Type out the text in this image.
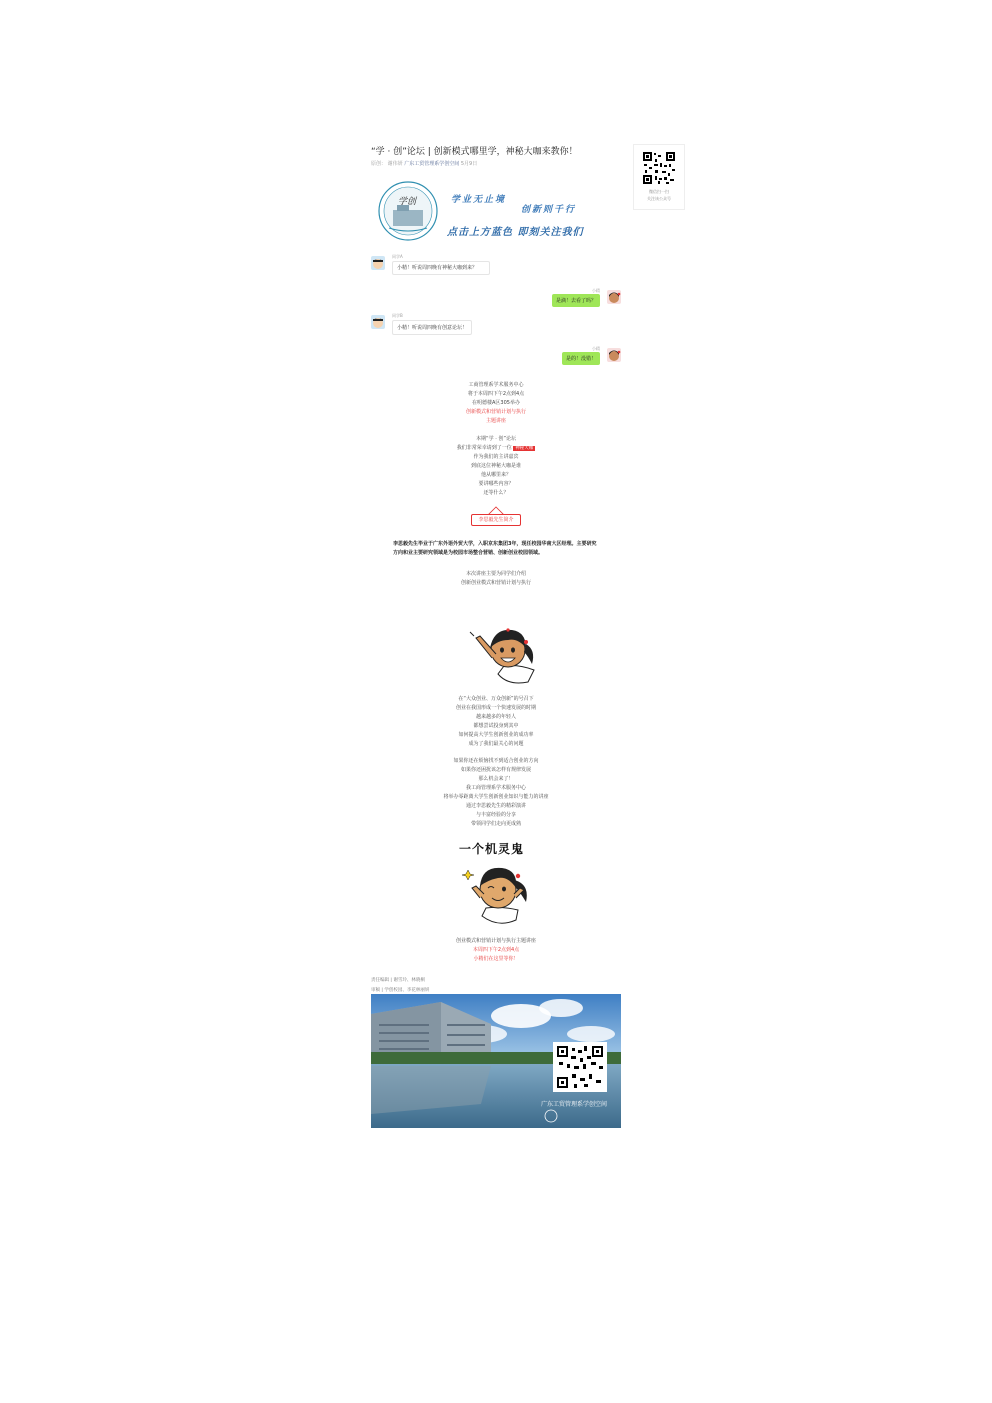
“学 · 创”论坛 | 创新模式哪里学，神秘大咖来教你！
原创： 谢伟妍 广东工贸管理系学创空间 5月9日
微信扫一扫
关注该公众号
学创	学业无止境
创新则千行
点击上方蓝色 即刻关注我们
同学A
小精！听说周四晚有神秘大咖到来？
小精
是滴！去看了吗？
同学B
小精！听说周四晚有创意论坛！
小精
是的！没错！
工商管理系学术服务中心
将于本周四下午2点到4点
在明德楼A区305举办
创新模式和营销计划与执行
主题讲座
本期“学 · 创”论坛
我们非常荣幸请到了一位 神秘大咖
作为我们的主讲嘉宾
到底这位神秘大咖是谁
他从哪里来？
要讲哪些内容？
还等什么？
李思毅先生简介
李思毅先生毕业于广东外语外贸大学，入职京东集团3年，现任校园华南大区经理。主要研究方向和业主要研究领域是为校园市场整合营销、创新创业校园领域。
本次讲座主要为同学们介绍
创新创业模式和营销计划与执行
在“大众创业、万众创新”的号召下
创业在我国形成一个快速发展的时期
越来越多的年轻人
都想尝试投身到其中
如何提高大学生创新创业的成功率
成为了我们最关心的问题
如果你还在烦恼找不到适合创业的方向
如果你还困扰该怎样有规律发展
那么机会来了！
我工商管理系学术服务中心
将举办零距离大学生创新创业知识与能力的讲座
通过李思毅先生的精彩演讲
与丰富经验的分享
带领同学们走向更成熟
一个机灵鬼
创业模式和营销计划与执行主题讲座
本周四下午2点到4点
小精们在这里等你！
责任编辑 | 谢雪玲、林晓桐
审稿 | 学创校园、李花林丽妍
广东工贸管理系学创空间
